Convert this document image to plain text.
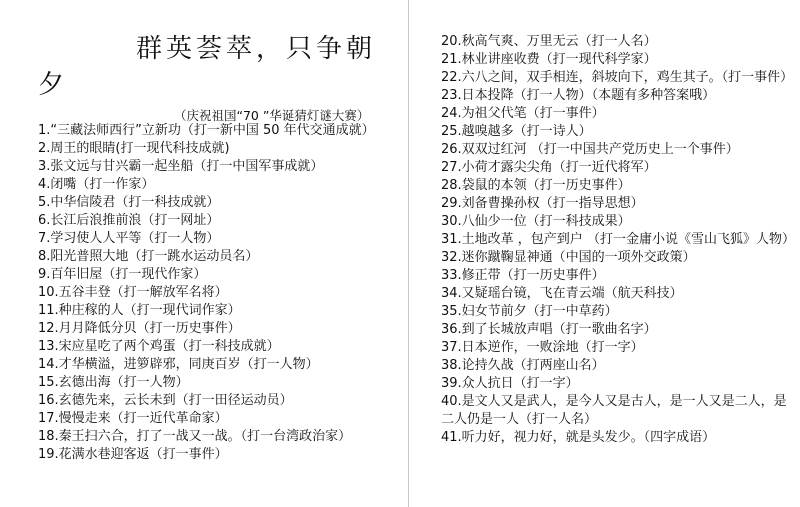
群英荟萃，只争朝
夕
（庆祝祖国“70 ”华诞猜灯谜大赛）
1.“三藏法师西行”立新功（打一新中国 50 年代交通成就）
2.周王的眼睛(打一现代科技成就)
3.张文远与甘兴霸一起坐船（打一中国军事成就）
4.闭嘴（打一作家）
5.中华信陵君（打一科技成就）
6.长江后浪推前浪（打一网址）
7.学习使人人平等（打一人物）
8.阳光普照大地（打一跳水运动员名）
9.百年旧屋（打一现代作家）
10.五谷丰登（打一解放军名将）
11.种庄稼的人（打一现代词作家）
12.月月降低分贝（打一历史事件）
13.宋应星吃了两个鸡蛋（打一科技成就）
14.才华横溢，进箩辟邪，同庚百岁（打一人物）
15.玄德出海（打一人物）
16.玄德先来，云长未到（打一田径运动员）
17.慢慢走来（打一近代革命家）
18.秦王扫六合，打了一战又一战。（打一台湾政治家）
19.花满水巷迎客返（打一事件）
20.秋高气爽、万里无云（打一人名）
21.林业讲座收费（打一现代科学家）
22.六八之间，双手相连，斜坡向下，鸡生其子。（打一事件）
23.日本投降（打一人物）（本题有多种答案哦）
24.为祖父代笔（打一事件）
25.越嗅越多（打一诗人）
26.双双过红河 （打一中国共产党历史上一个事件）
27.小荷才露尖尖角（打一近代将军）
28.袋鼠的本领（打一历史事件）
29.刘备曹操孙权（打一指导思想）
30.八仙少一位（打一科技成果）
31.土地改革 ，包产到户 （打一金庸小说《雪山飞狐》人物）
32.迷你蹴鞠显神通（中国的一项外交政策）
33.修正带（打一历史事件）
34.又疑瑶台镜，飞在青云端（航天科技）
35.妇女节前夕（打一中草药）
36.到了长城放声唱（打一歌曲名字）
37.日本逆作，一败涂地（打一字）
38.论持久战（打两座山名）
39.众人抗日（打一字）
40.是文人又是武人，是今人又是古人，是一人又是二人，是二人仍是一人（打一人名）
41.听力好，视力好，就是头发少。（四字成语）
